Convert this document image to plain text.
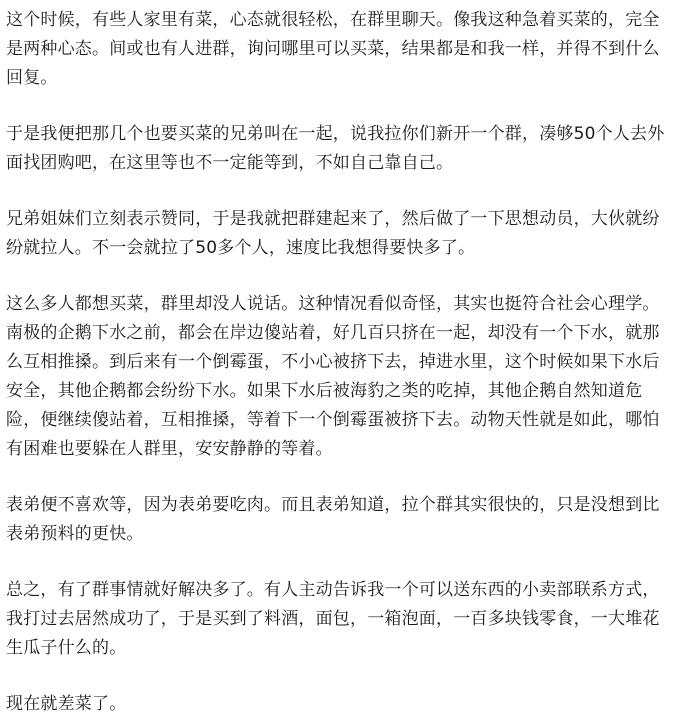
这个时候，有些人家里有菜，心态就很轻松，在群里聊天。像我这种急着买菜的，完全
是两种心态。间或也有人进群，询问哪里可以买菜，结果都是和我一样，并得不到什么
回复。

于是我便把那几个也要买菜的兄弟叫在一起，说我拉你们新开一个群，凑够50个人去外
面找团购吧，在这里等也不一定能等到，不如自己靠自己。

兄弟姐妹们立刻表示赞同，于是我就把群建起来了，然后做了一下思想动员，大伙就纷
纷就拉人。不一会就拉了50多个人，速度比我想得要快多了。

这么多人都想买菜，群里却没人说话。这种情况看似奇怪，其实也挺符合社会心理学。
南极的企鹅下水之前，都会在岸边傻站着，好几百只挤在一起，却没有一个下水，就那
么互相推搡。到后来有一个倒霉蛋，不小心被挤下去，掉进水里，这个时候如果下水后
安全，其他企鹅都会纷纷下水。如果下水后被海豹之类的吃掉，其他企鹅自然知道危
险，便继续傻站着，互相推搡，等着下一个倒霉蛋被挤下去。动物天性就是如此，哪怕
有困难也要躲在人群里，安安静静的等着。

表弟便不喜欢等，因为表弟要吃肉。而且表弟知道，拉个群其实很快的，只是没想到比
表弟预料的更快。

总之，有了群事情就好解决多了。有人主动告诉我一个可以送东西的小卖部联系方式，
我打过去居然成功了，于是买到了料酒，面包，一箱泡面，一百多块钱零食，一大堆花
生瓜子什么的。

现在就差菜了。
